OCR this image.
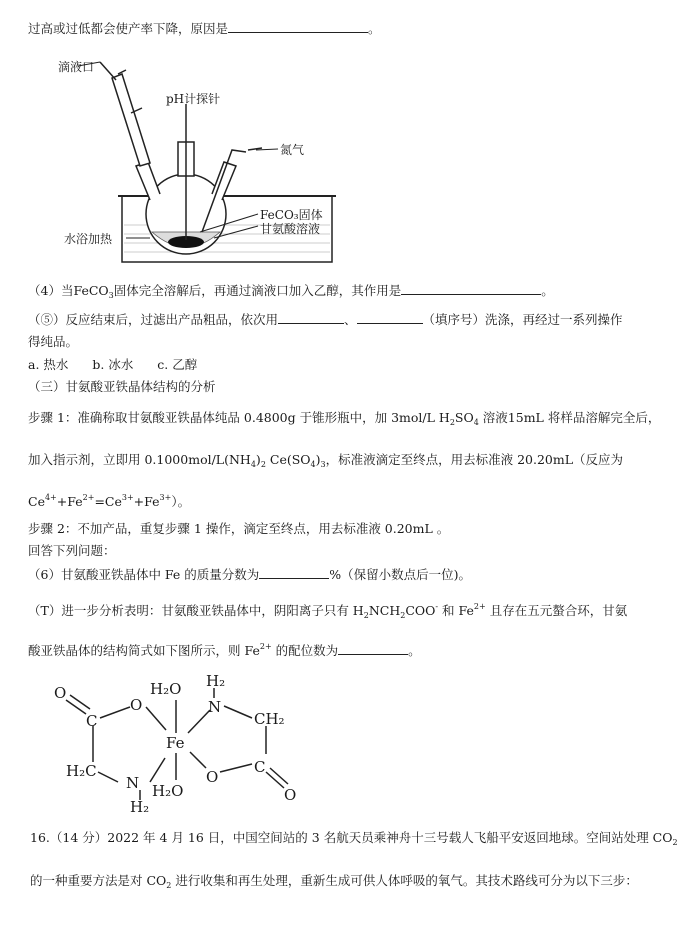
过高或过低都会使产率下降，原因是	。
滴液口
pH计探针
氮气
FeCO₃固体
甘氨酸溶液
水浴加热
（4）当FeCO$_3$固体完全溶解后，再通过滴液口加入乙醇，其作用是	。
（⑤）反应结束后，过滤出产品粗品，依次用	、	（填序号）洗涤，再经过一系列操作
得纯品。
a. 热水 b. 冰水 c. 乙醇
（三）甘氨酸亚铁晶体结构的分析
步骤 1：准确称取甘氨酸亚铁晶体纯品 0.4800g 于锥形瓶中，加 3mol/L $H_2SO_4$ 溶液15mL 将样品溶解完全后，
加入指示剂，立即用 $0.1000mol/L(NH_4)_2$ $Ce(SO_4)_3$，标准液滴定至终点，用去标准液 20.20mL（反应为
$Ce^{4+}+Fe^{2+}=Ce^{3+}+Fe^{3+}$）。
步骤 2：不加产品，重复步骤 1 操作，滴定至终点，用去标准液 0.20mL 。
回答下列问题：
（6）甘氨酸亚铁晶体中 Fe 的质量分数为	%（保留小数点后一位)。
（T）进一步分析表明：甘氨酸亚铁晶体中，阴阳离子只有 $H_2NCH_2COO^-$ 和 $Fe^{2+}$ 且存在五元螯合环，甘氨
酸亚铁晶体的结构简式如下图所示，则 $Fe^{2+}$ 的配位数为	。
O
C
O
H₂C
N
H₂
H₂O
Fe
H₂O
H₂
N
CH₂
O
C
O
16.（14 分）2022 年 4 月 16 日，中国空间站的 3 名航天员乘神舟十三号载人飞船平安返回地球。空间站处理 $CO_2$
的一种重要方法是对 $CO_2$ 进行收集和再生处理，重新生成可供人体呼吸的氧气。其技术路线可分为以下三步：
